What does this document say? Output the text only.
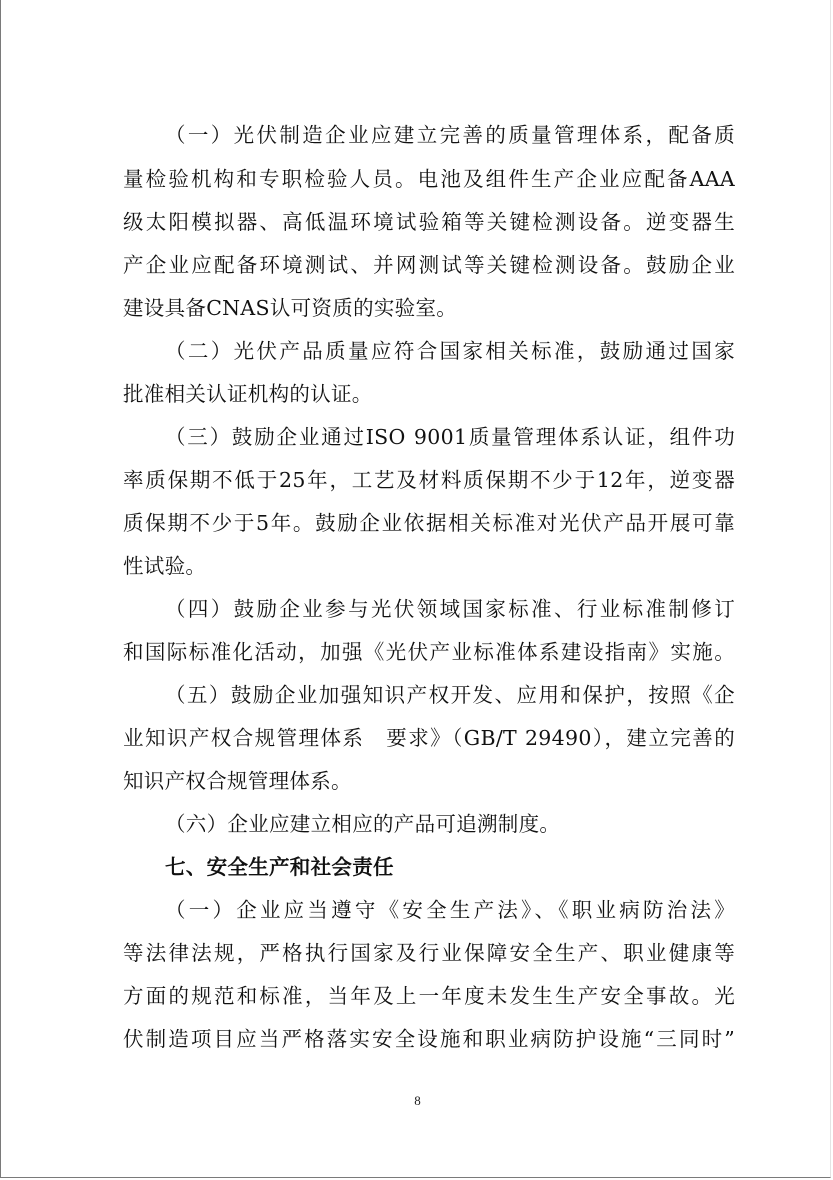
（一）光伏制造企业应建立完善的质量管理体系，配备质
量检验机构和专职检验人员。电池及组件生产企业应配备AAA
级太阳模拟器、高低温环境试验箱等关键检测设备。逆变器生
产企业应配备环境测试、并网测试等关键检测设备。鼓励企业
建设具备CNAS认可资质的实验室。
（二）光伏产品质量应符合国家相关标准，鼓励通过国家
批准相关认证机构的认证。
（三）鼓励企业通过ISO 9001质量管理体系认证，组件功
率质保期不低于25年，工艺及材料质保期不少于12年，逆变器
质保期不少于5年。鼓励企业依据相关标准对光伏产品开展可靠
性试验。
（四）鼓励企业参与光伏领域国家标准、行业标准制修订
和国际标准化活动，加强《光伏产业标准体系建设指南》实施。
（五）鼓励企业加强知识产权开发、应用和保护，按照《企
业知识产权合规管理体系　要求》（GB/T 29490），建立完善的
知识产权合规管理体系。
（六）企业应建立相应的产品可追溯制度。
七、安全生产和社会责任
（一）企业应当遵守《安全生产法》、《职业病防治法》
等法律法规，严格执行国家及行业保障安全生产、职业健康等
方面的规范和标准，当年及上一年度未发生生产安全事故。光
伏制造项目应当严格落实安全设施和职业病防护设施“三同时”
8
